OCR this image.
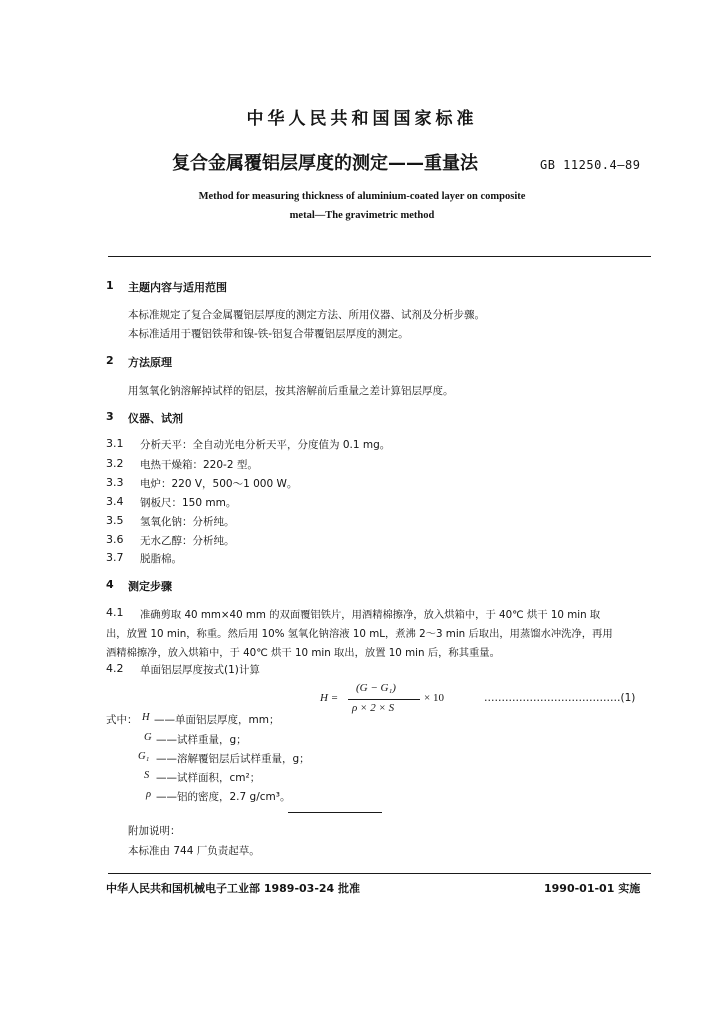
中华人民共和国国家标准
复合金属覆铝层厚度的测定——重量法	GB 11250.4—89
Method for measuring thickness of aluminium-coated layer on composite
metal—The gravimetric method
1 主题内容与适用范围
本标准规定了复合金属覆铝层厚度的测定方法、所用仪器、试剂及分析步骤。
本标准适用于覆铝铁带和镍-铁-铝复合带覆铝层厚度的测定。
2 方法原理
用氢氧化钠溶解掉试样的铝层，按其溶解前后重量之差计算铝层厚度。
3 仪器、试剂
3.1 分析天平：全自动光电分析天平，分度值为 0.1 mg。
3.2 电热干燥箱：220-2 型。
3.3 电炉：220 V，500～1 000 W。
3.4 钢板尺：150 mm。
3.5 氢氧化钠：分析纯。
3.6 无水乙醇：分析纯。
3.7 脱脂棉。
4 测定步骤
4.1 准确剪取 40 mm×40 mm 的双面覆铝铁片，用酒精棉擦净，放入烘箱中，于 40℃ 烘干 10 min 取
出，放置 10 min，称重。然后用 10% 氢氧化钠溶液 10 mL，煮沸 2～3 min 后取出，用蒸馏水冲洗净，再用
酒精棉擦净，放入烘箱中，于 40℃ 烘干 10 min 取出，放置 10 min 后，称其重量。
4.2 单面铝层厚度按式(1)计算
H =
(G − G₁)
ρ × 2 × S
× 10	…………………………………(1)
式中： H ——单面铝层厚度，mm；
G ——试样重量，g；
G₁ ——溶解覆铝层后试样重量，g；
S ——试样面积，cm²；
ρ ——铝的密度，2.7 g/cm³。
附加说明：
本标准由 744 厂负责起草。
中华人民共和国机械电子工业部 1989-03-24 批准	1990-01-01 实施
